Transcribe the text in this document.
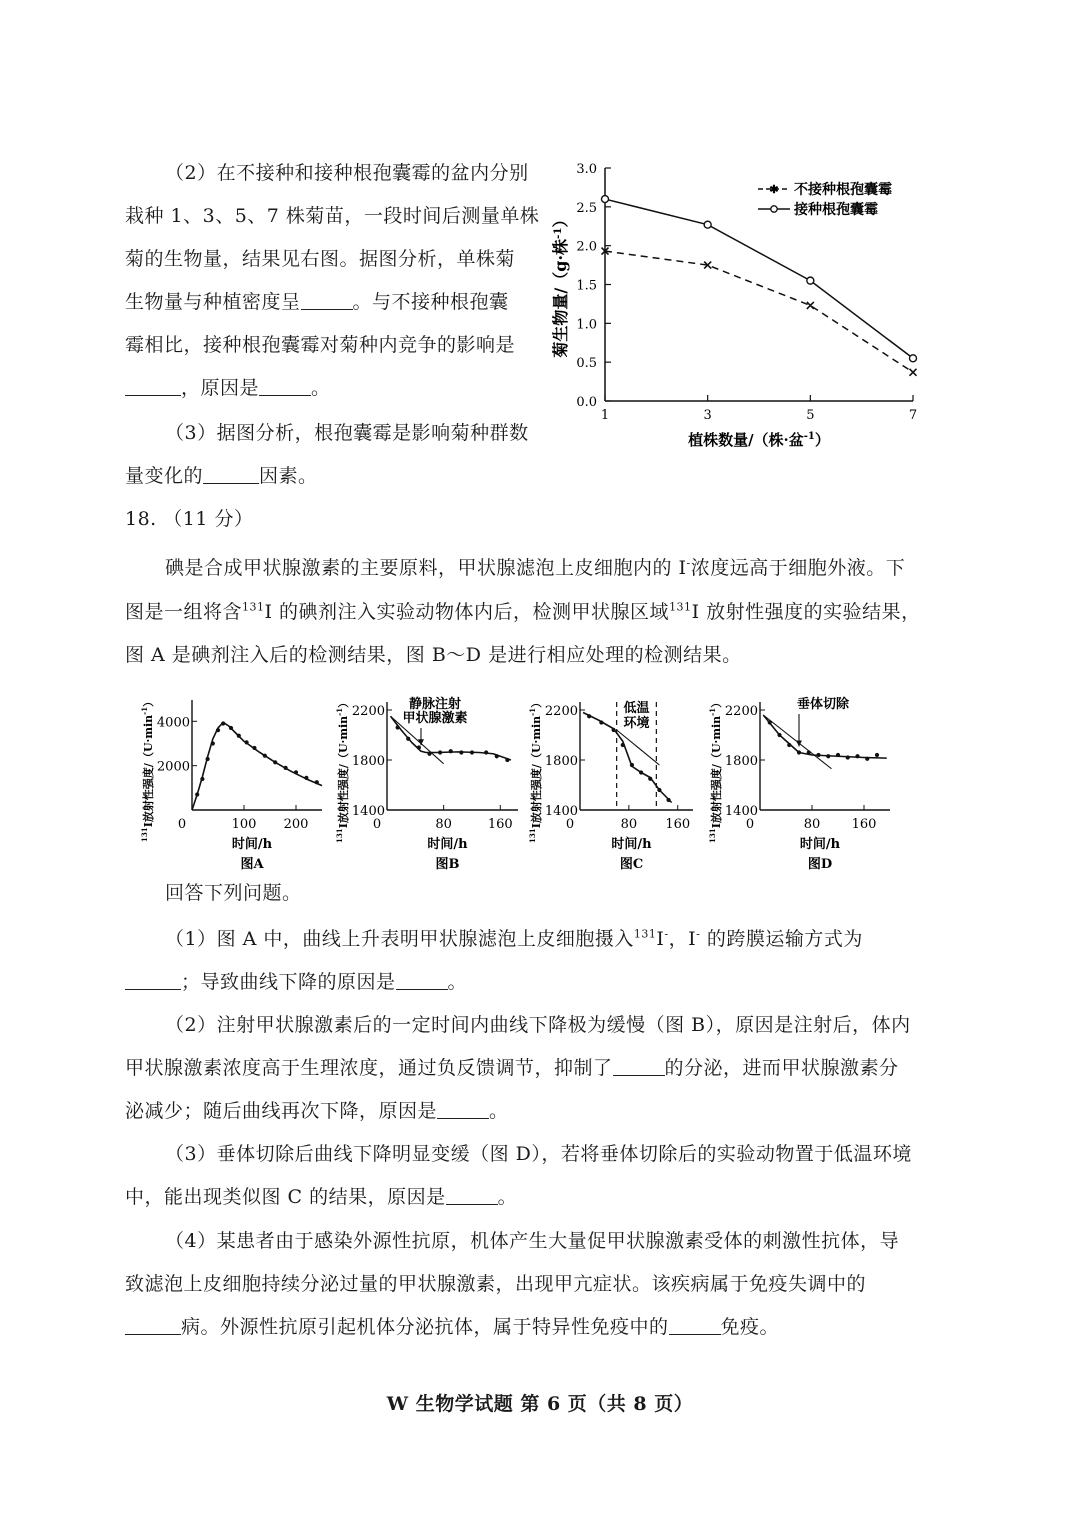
（2）在不接种和接种根孢囊霉的盆内分别
栽种 1、3、5、7 株菊苗，一段时间后测量单株
菊的生物量，结果见右图。据图分析，单株菊
生物量与种植密度呈	。与不接种根孢囊
霉相比，接种根孢囊霉对菊种内竞争的影响是
，原因是	。
（3）据图分析，根孢囊霉是影响菊种群数
量变化的	因素。
0.0
0.5
1.0
1.5
2.0
2.5
3.0
1	3	5	7
植株数量/（株·盆$^{-1}$）
菊生物量/（g·株$^{-1}$）
✱ 不接种根孢囊霉
接种根孢囊霉
18. （11 分）
碘是合成甲状腺激素的主要原料，甲状腺滤泡上皮细胞内的 I-浓度远高于细胞外液。下
图是一组将含$^{131}$I 的碘剂注入实验动物体内后，检测甲状腺区域$^{131}$I 放射性强度的实验结果，
图 A 是碘剂注入后的检测结果，图 B～D 是进行相应处理的检测结果。
2000
4000
0	100 200
时间/h
图A
$^{131}$I放射性强度$/(U\cdot\min^{-1})$
1400
1800
2200
0	80	160
时间/h
图B
$^{131}$I放射性强度$/(U\cdot\min^{-1})$	静脉注射
甲状腺激素
1400
1800
2200
0	80 160
时间/h
图C
$^{131}$I放射性强度$/(U\cdot\min^{-1})$	低温
环境
1400
1800
2200
0	80 160
时间/h
图D
$^{131}$I放射性强度$/(U\cdot\min^{-1})$	垂体切除
回答下列问题。
（1）图 A 中，曲线上升表明甲状腺滤泡上皮细胞摄入$^{131}$I-，I- 的跨膜运输方式为
；导致曲线下降的原因是	。
（2）注射甲状腺激素后的一定时间内曲线下降极为缓慢（图 B），原因是注射后，体内
甲状腺激素浓度高于生理浓度，通过负反馈调节，抑制了	的分泌，进而甲状腺激素分
泌减少；随后曲线再次下降，原因是	。
（3）垂体切除后曲线下降明显变缓（图 D），若将垂体切除后的实验动物置于低温环境
中，能出现类似图 C 的结果，原因是	。
（4）某患者由于感染外源性抗原，机体产生大量促甲状腺激素受体的刺激性抗体，导
致滤泡上皮细胞持续分泌过量的甲状腺激素，出现甲亢症状。该疾病属于免疫失调中的
病。外源性抗原引起机体分泌抗体，属于特异性免疫中的	免疫。
W 生物学试题 第 6 页（共 8 页）
